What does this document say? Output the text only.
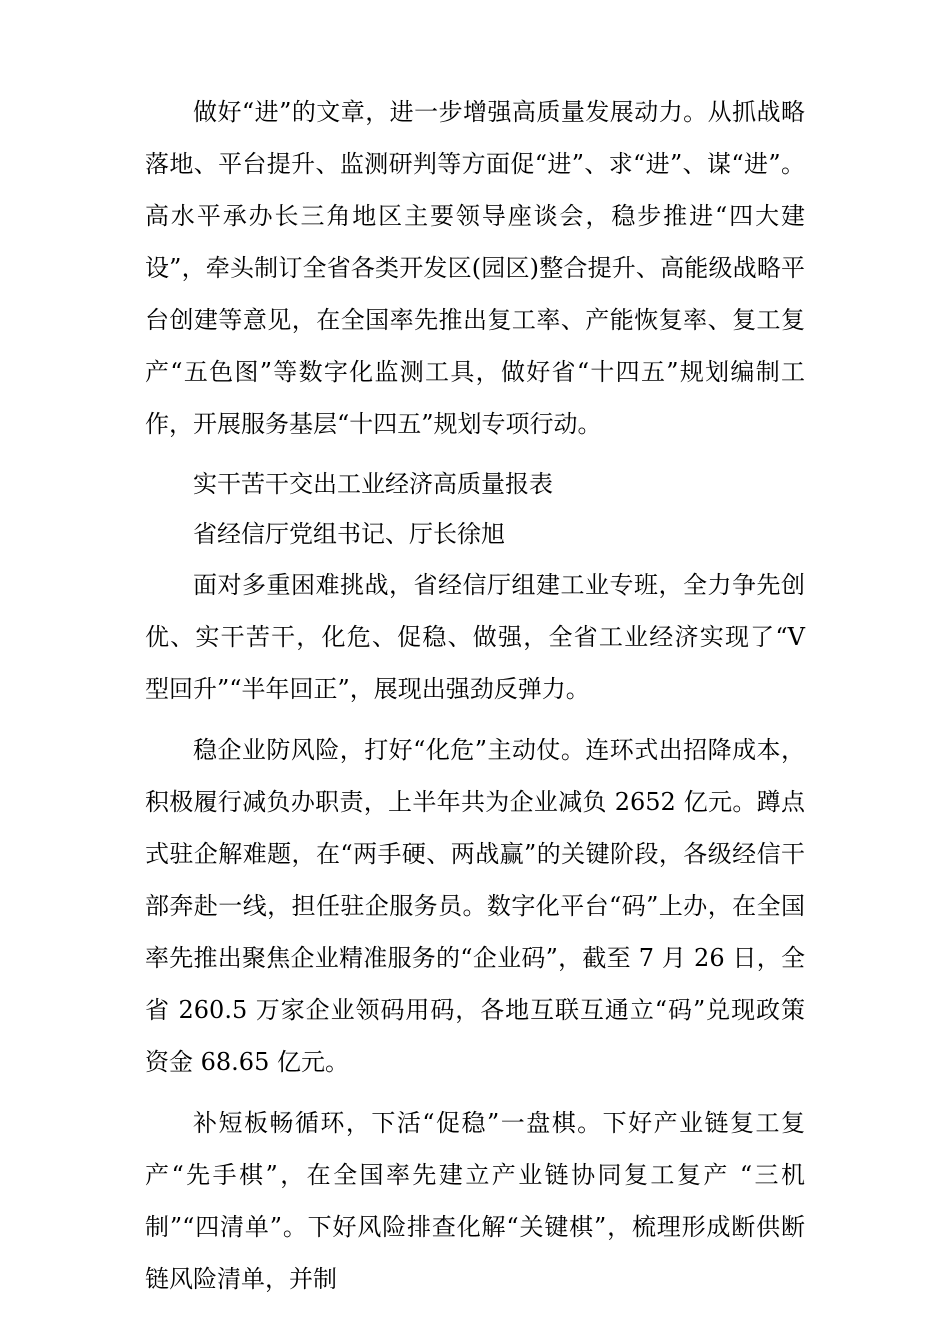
做好“进”的文章，进一步增强高质量发展动力。从抓战略落地、平台提升、监测研判等方面促“进”、求“进”、谋“进”。高水平承办长三角地区主要领导座谈会，稳步推进“四大建设”，牵头制订全省各类开发区(园区)整合提升、高能级战略平台创建等意见，在全国率先推出复工率、产能恢复率、复工复产“五色图”等数字化监测工具，做好省“十四五”规划编制工作，开展服务基层“十四五”规划专项行动。

实干苦干交出工业经济高质量报表

省经信厅党组书记、厅长徐旭

面对多重困难挑战，省经信厅组建工业专班，全力争先创优、实干苦干，化危、促稳、做强，全省工业经济实现了“V 型回升”“半年回正”，展现出强劲反弹力。

稳企业防风险，打好“化危”主动仗。连环式出招降成本，积极履行减负办职责，上半年共为企业减负 2652 亿元。蹲点式驻企解难题，在“两手硬、两战赢”的关键阶段，各级经信干部奔赴一线，担任驻企服务员。数字化平台“码”上办，在全国率先推出聚焦企业精准服务的“企业码”，截至 7 月 26 日，全省 260.5 万家企业领码用码，各地互联互通立“码”兑现政策资金 68.65 亿元。

补短板畅循环，下活“促稳”一盘棋。下好产业链复工复产“先手棋”，在全国率先建立产业链协同复工复产 “三机制”“四清单”。下好风险排查化解“关键棋”，梳理形成断供断链风险清单，并制
